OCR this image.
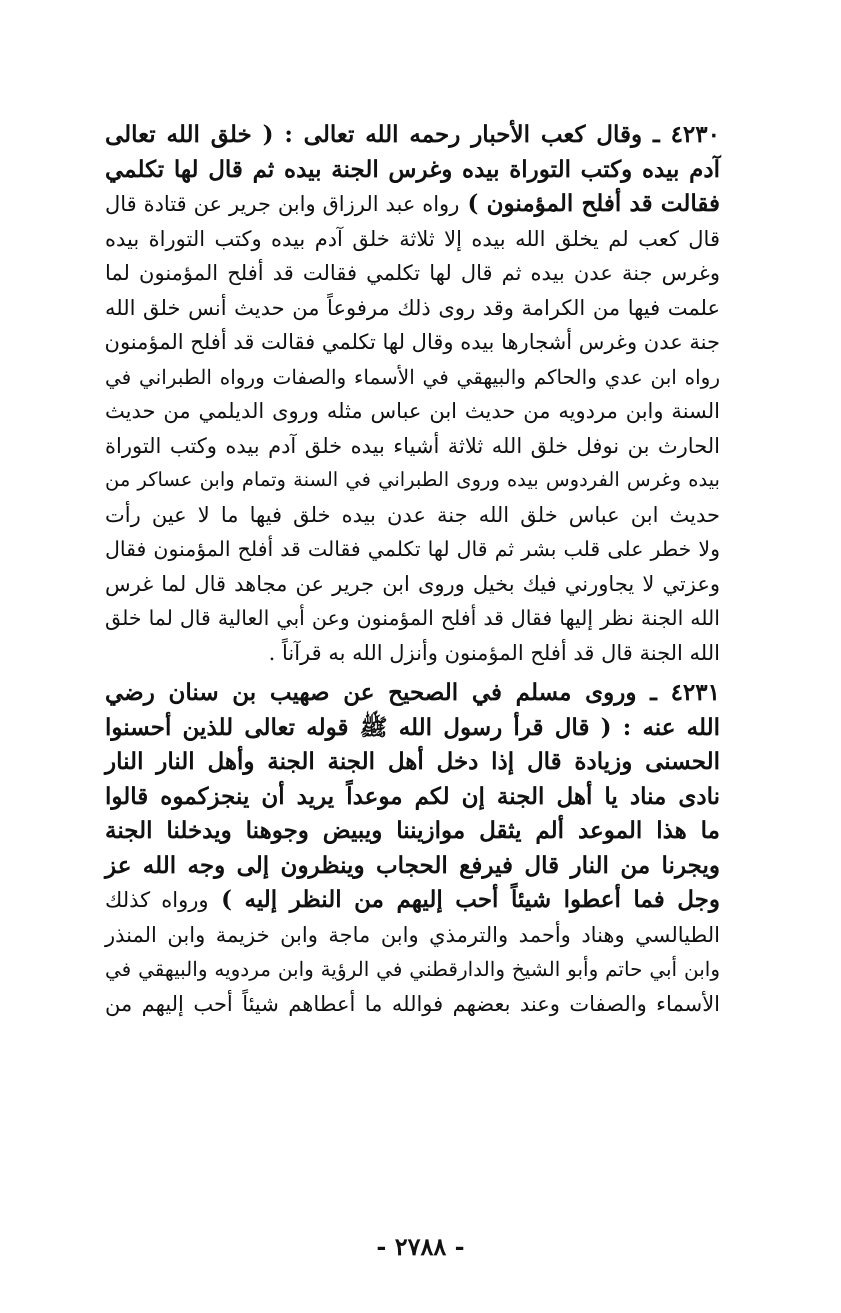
٤٢٣٠ ـ وقال كعب الأحبار رحمه الله تعالى : ( خلق الله تعالى
آدم بيده وكتب التوراة بيده وغرس الجنة بيده ثم قال لها تكلمي
فقالت قد أفلح المؤمنون ) رواه عبد الرزاق وابن جرير عن قتادة قال
قال كعب لم يخلق الله بيده إلا ثلاثة خلق آدم بيده وكتب التوراة بيده
وغرس جنة عدن بيده ثم قال لها تكلمي فقالت قد أفلح المؤمنون لما
علمت فيها من الكرامة وقد روى ذلك مرفوعاً من حديث أنس خلق الله
جنة عدن وغرس أشجارها بيده وقال لها تكلمي فقالت قد أفلح المؤمنون
رواه ابن عدي والحاكم والبيهقي في الأسماء والصفات ورواه الطبراني في
السنة وابن مردويه من حديث ابن عباس مثله وروى الديلمي من حديث
الحارث بن نوفل خلق الله ثلاثة أشياء بيده خلق آدم بيده وكتب التوراة
بيده وغرس الفردوس بيده وروى الطبراني في السنة وتمام وابن عساكر من
حديث ابن عباس خلق الله جنة عدن بيده خلق فيها ما لا عين رأت
ولا خطر على قلب بشر ثم قال لها تكلمي فقالت قد أفلح المؤمنون فقال
وعزتي لا يجاورني فيك بخيل وروى ابن جرير عن مجاهد قال لما غرس
الله الجنة نظر إليها فقال قد أفلح المؤمنون وعن أبي العالية قال لما خلق
الله الجنة قال قد أفلح المؤمنون وأنزل الله به قرآناً .
٤٢٣١ ـ وروى مسلم في الصحيح عن صهيب بن سنان رضي
الله عنه : ( قال قرأ رسول الله ﷺ قوله تعالى للذين أحسنوا
الحسنى وزيادة قال إذا دخل أهل الجنة الجنة وأهل النار النار
نادى مناد يا أهل الجنة إن لكم موعداً يريد أن ينجزكموه قالوا
ما هذا الموعد ألم يثقل موازيننا ويبيض وجوهنا ويدخلنا الجنة
ويجرنا من النار قال فيرفع الحجاب وينظرون إلى وجه الله عز
وجل فما أعطوا شيئاً أحب إليهم من النظر إليه ) ورواه كذلك
الطيالسي وهناد وأحمد والترمذي وابن ماجة وابن خزيمة وابن المنذر
وابن أبي حاتم وأبو الشيخ والدارقطني في الرؤية وابن مردويه والبيهقي في
الأسماء والصفات وعند بعضهم فوالله ما أعطاهم شيئاً أحب إليهم من
- ٢٧٨٨ -
